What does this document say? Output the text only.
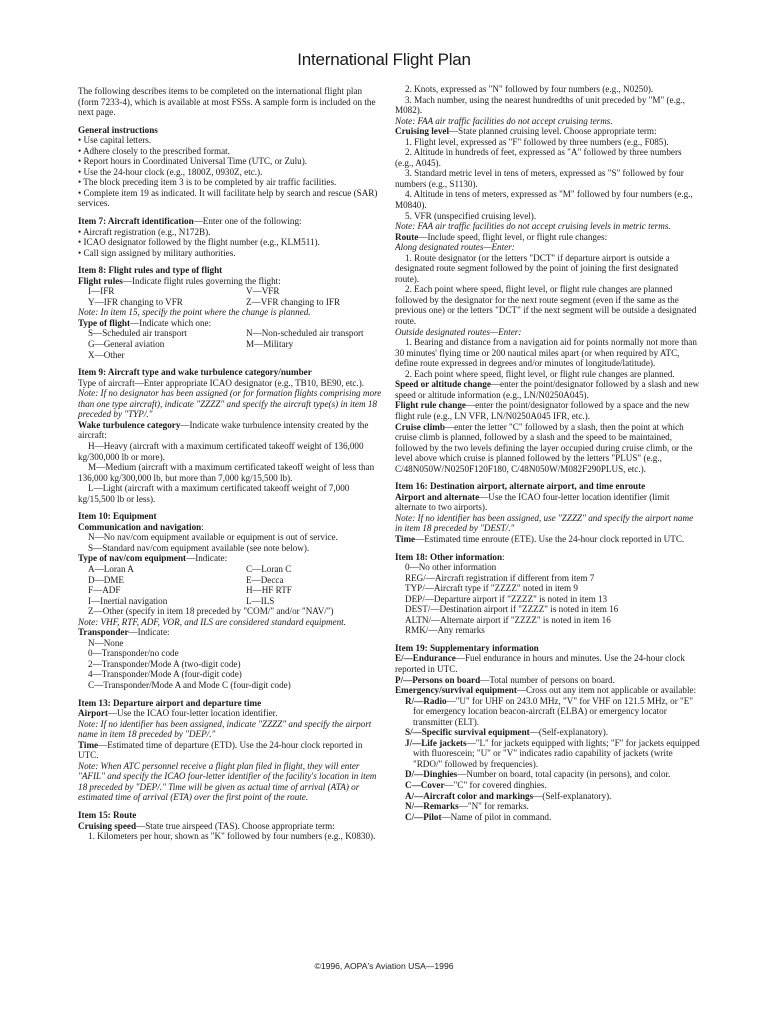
International Flight Plan

The following describes items to be completed on the international flight plan (form 7233-4), which is available at most FSSs. A sample form is included on the next page.

General instructions

• Use capital letters.

• Adhere closely to the prescribed format.

• Report hours in Coordinated Universal Time (UTC, or Zulu).

• Use the 24-hour clock (e.g., 1800Z, 0930Z, etc.).

• The block preceding item 3 is to be completed by air traffic facilities.

• Complete item 19 as indicated. It will facilitate help by search and rescue (SAR) services.

Item 7: Aircraft identification—Enter one of the following:

• Aircraft registration (e.g., N172B).

• ICAO designator followed by the flight number (e.g., KLM511).

• Call sign assigned by military authorities.

Item 8: Flight rules and type of flight

Flight rules—Indicate flight rules governing the flight:

I—IFR	V—VFR
Y—IFR changing to VFR	Z—VFR changing to IFR

Note: In item 15, specify the point where the change is planned.

Type of flight—Indicate which one:

S—Scheduled air transport	N—Non-scheduled air transport
G—General aviation	M—Military
X—Other

Item 9: Aircraft type and wake turbulence category/number

Type of aircraft—Enter appropriate ICAO designator (e.g., TB10, BE90, etc.).

Note: If no designator has been assigned (or for formation flights comprising more than one type aircraft), indicate "ZZZZ" and specify the aircraft type(s) in item 18 preceded by "TYP/."

Wake turbulence category—Indicate wake turbulence intensity created by the aircraft:

H—Heavy (aircraft with a maximum certificated takeoff weight of 136,000 kg/300,000 lb or more).

M—Medium (aircraft with a maximum certificated takeoff weight of less than 136,000 kg/300,000 lb, but more than 7,000 kg/15,500 lb).

L—Light (aircraft with a maximum certificated takeoff weight of 7,000 kg/15,500 lb or less).

Item 10: Equipment

Communication and navigation:

N—No nav/com equipment available or equipment is out of service.

S—Standard nav/com equipment available (see note below).

Type of nav/com equipment—Indicate:

A—Loran A	C—Loran C
D—DME	E—Decca
F—ADF	H—HF RTF
I—Inertial navigation	L—ILS

Z—Other (specify in item 18 preceded by "COM/" and/or "NAV/")

Note: VHF, RTF, ADF, VOR, and ILS are considered standard equipment.

Transponder—Indicate:

N—None

0—Transponder/no code

2—Transponder/Mode A (two-digit code)

4—Transponder/Mode A (four-digit code)

C—Transponder/Mode A and Mode C (four-digit code)

Item 13: Departure airport and departure time

Airport—Use the ICAO four-letter location identifier.

Note: If no identifier has been assigned, indicate "ZZZZ" and specify the airport name in item 18 preceded by "DEP/."

Time—Estimated time of departure (ETD). Use the 24-hour clock reported in UTC.

Note: When ATC personnel receive a flight plan filed in flight, they will enter "AFIL" and specify the ICAO four-letter identifier of the facility's location in item 18 preceded by "DEP/." Time will be given as actual time of arrival (ATA) or estimated time of arrival (ETA) over the first point of the route.

Item 15: Route

Cruising speed—State true airspeed (TAS). Choose appropriate term:

1. Kilometers per hour, shown as "K" followed by four numbers (e.g., K0830).

2. Knots, expressed as "N" followed by four numbers (e.g., N0250).

3. Mach number, using the nearest hundredths of unit preceded by "M" (e.g., M082).

Note: FAA air traffic facilities do not accept cruising terms.

Cruising level—State planned cruising level. Choose appropriate term:

1. Flight level, expressed as "F" followed by three numbers (e.g., F085).

2. Altitude in hundreds of feet, expressed as "A" followed by three numbers (e.g., A045).

3. Standard metric level in tens of meters, expressed as "S" followed by four numbers (e.g., S1130).

4. Altitude in tens of meters, expressed as "M" followed by four numbers (e.g., M0840).

5. VFR (unspecified cruising level).

Note: FAA air traffic facilities do not accept cruising levels in metric terms.

Route—Include speed, flight level, or flight rule changes:

Along designated routes—Enter:

1. Route designator (or the letters "DCT" if departure airport is outside a designated route segment followed by the point of joining the first designated route).

2. Each point where speed, flight level, or flight rule changes are planned followed by the designator for the next route segment (even if the same as the previous one) or the letters "DCT" if the next segment will be outside a designated route.

Outside designated routes—Enter:

1. Bearing and distance from a navigation aid for points normally not more than 30 minutes' flying time or 200 nautical miles apart (or when required by ATC, define route expressed in degrees and/or minutes of longitude/latitude).

2. Each point where speed, flight level, or flight rule changes are planned.

Speed or altitude change—enter the point/designator followed by a slash and new speed or altitude information (e.g., LN/N0250A045).

Flight rule change—enter the point/designator followed by a space and the new flight rule (e.g., LN VFR, LN/N0250A045 IFR, etc.).

Cruise climb—enter the letter "C" followed by a slash, then the point at which cruise climb is planned, followed by a slash and the speed to be maintained, followed by the two levels defining the layer occupied during cruise climb, or the level above which cruise is planned followed by the letters "PLUS" (e.g., C/48N050W/N0250F120F180, C/48N050W/M082F290PLUS, etc.).

Item 16: Destination airport, alternate airport, and time enroute

Airport and alternate—Use the ICAO four-letter location identifier (limit alternate to two airports).

Note: If no identifier has been assigned, use "ZZZZ" and specify the airport name in item 18 preceded by "DEST/."

Time—Estimated time enroute (ETE). Use the 24-hour clock reported in UTC.

Item 18: Other information:

0—No other information

REG/—Aircraft registration if different from item 7

TYP/—Aircraft type if "ZZZZ" noted in item 9

DEP/—Departure airport if "ZZZZ" is noted in item 13

DEST/—Destination airport if "ZZZZ" is noted in item 16

ALTN/—Alternate airport if "ZZZZ" is noted in item 16

RMK/—Any remarks

Item 19: Supplementary information

E/—Endurance—Fuel endurance in hours and minutes. Use the 24-hour clock reported in UTC.

P/—Persons on board—Total number of persons on board.

Emergency/survival equipment—Cross out any item not applicable or available:

R/—Radio—"U" for UHF on 243.0 MHz, "V" for VHF on 121.5 MHz, or "E" for emergency location beacon-aircraft (ELBA) or emergency locator transmitter (ELT).

S/—Specific survival equipment—(Self-explanatory).

J/—Life jackets—"L" for jackets equipped with lights; "F" for jackets equipped with fluorescein; "U" or "V" indicates radio capability of jackets (write "RDO/" followed by frequencies).

D/—Dinghies—Number on board, total capacity (in persons), and color.

C—Cover—"C" for covered dinghies.

A/—Aircraft color and markings—(Self-explanatory).

N/—Remarks—"N" for remarks.

C/—Pilot—Name of pilot in command.

©1996, AOPA's Aviation USA—1996
